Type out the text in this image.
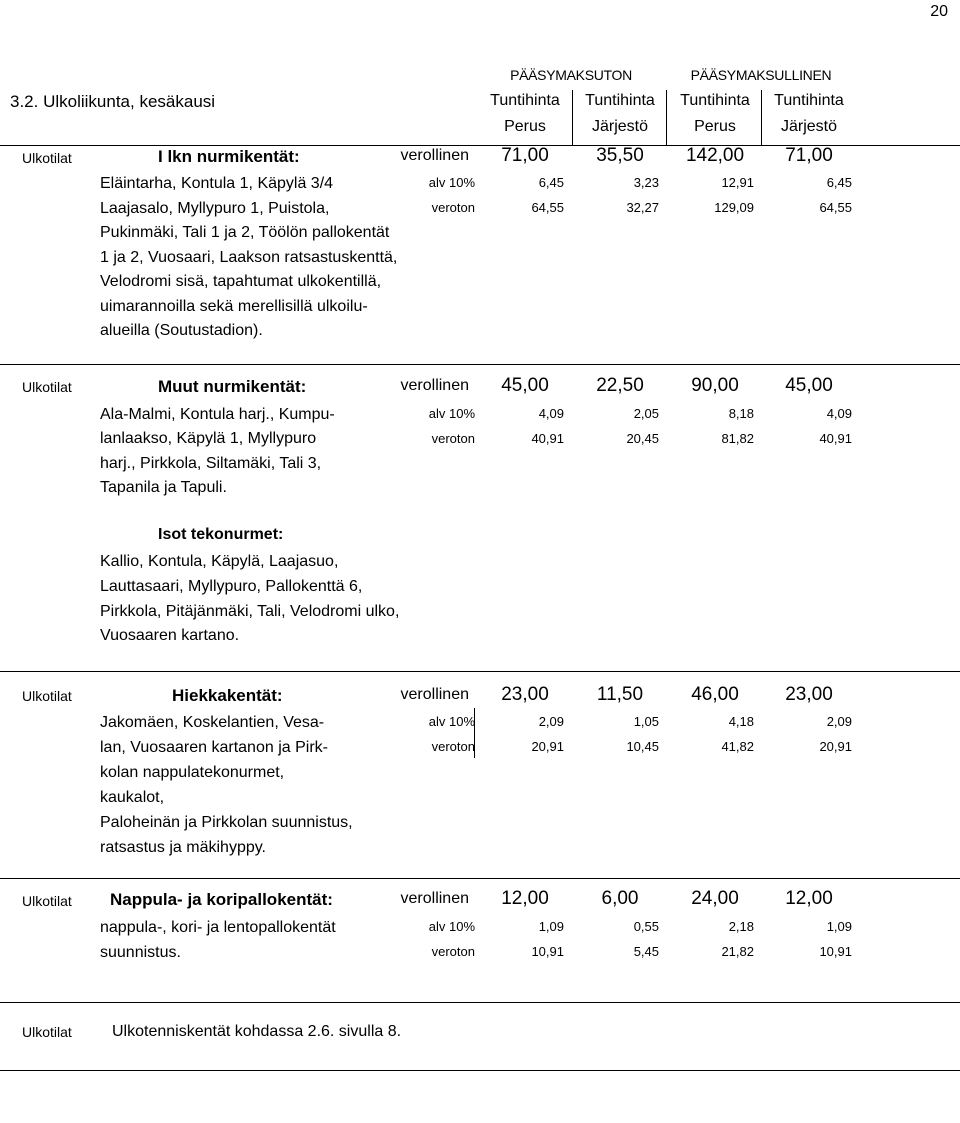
20
3.2. Ulkoliikunta, kesäkausi
PÄÄSYMAKSUTON	PÄÄSYMAKSULLINEN
Tuntihinta
Perus
Tuntihinta
Järjestö
Tuntihinta
Perus
Tuntihinta
Järjestö
Ulkotilat	I lkn nurmikentät:	verollinen	71,00	35,50	142,00	71,00
alv 10%	6,45	3,23	12,91	6,45
veroton	64,55	32,27	129,09	64,55
Eläintarha, Kontula 1, Käpylä 3/4
Laajasalo, Myllypuro 1, Puistola,
Pukinmäki, Tali 1 ja 2, Töölön pallokentät
1 ja 2, Vuosaari, Laakson ratsastuskenttä,
Velodromi sisä, tapahtumat ulkokentillä,
uimarannoilla sekä merellisillä ulkoilu-
alueilla (Soutustadion).
Ulkotilat	Muut nurmikentät:	verollinen	45,00	22,50	90,00	45,00
alv 10%	4,09	2,05	8,18	4,09
veroton	40,91	20,45	81,82	40,91
Ala-Malmi, Kontula harj., Kumpu-
lanlaakso, Käpylä 1, Myllypuro
harj., Pirkkola, Siltamäki, Tali 3,
Tapanila ja Tapuli.
Isot tekonurmet:
Kallio, Kontula, Käpylä, Laajasuo,
Lauttasaari, Myllypuro, Pallokenttä 6,
Pirkkola, Pitäjänmäki, Tali, Velodromi ulko,
Vuosaaren kartano.
Ulkotilat	Hiekkakentät:	verollinen	23,00	11,50	46,00	23,00
alv 10%	2,09	1,05	4,18	2,09
veroton	20,91	10,45	41,82	20,91
Jakomäen, Koskelantien, Vesa-
lan, Vuosaaren kartanon ja Pirk-
kolan nappulatekonurmet,
kaukalot,
Paloheinän ja Pirkkolan suunnistus,
ratsastus ja mäkihyppy.
Ulkotilat Nappula- ja koripallokentät:	verollinen	12,00	6,00	24,00	12,00
alv 10%	1,09	0,55	2,18	1,09
veroton	10,91	5,45	21,82	10,91
nappula-, kori- ja lentopallokentät
suunnistus.
Ulkotilat	Ulkotenniskentät kohdassa 2.6. sivulla 8.
